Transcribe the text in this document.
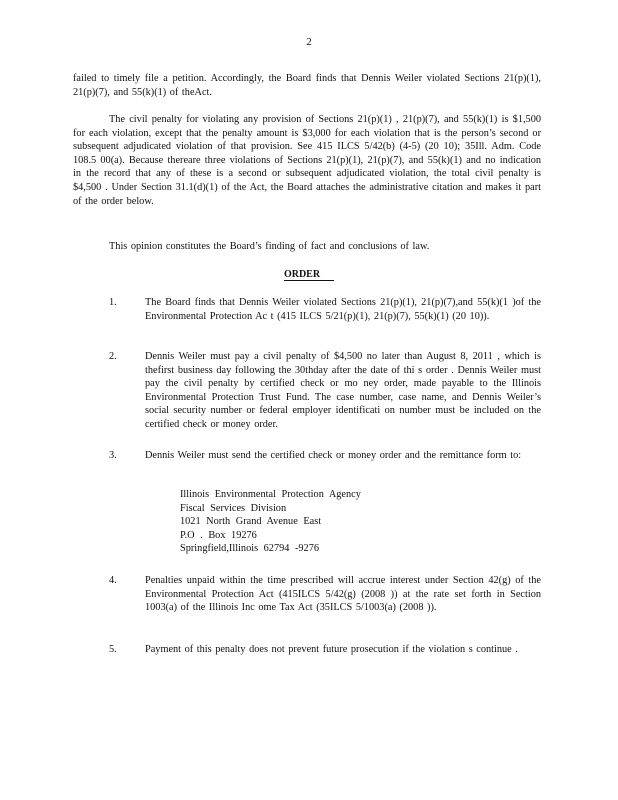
2

failed to timely file a petition. Accordingly, the Board finds that Dennis Weiler violated Sections 21(p)(1), 21(p)(7), and 55(k)(1) of theAct.

The civil penalty for violating any provision of Sections 21(p)(1) , 21(p)(7), and 55(k)(1) is $1,500 for each violation, except that the penalty amount is $3,000 for each violation that is the person’s second or subsequent adjudicated violation of that provision. See 415 ILCS 5/42(b) (4-5) (20 10); 35Ill. Adm. Code 108.5 00(a). Because thereare three violations of Sections 21(p)(1), 21(p)(7), and 55(k)(1) and no indication in the record that any of these is a second or subsequent adjudicated violation, the total civil penalty is $4,500 . Under Section 31.1(d)(1) of the Act, the Board attaches the administrative citation and makes it part of the order below.

This opinion constitutes the Board’s finding of fact and conclusions of law.

ORDER
1.	The Board finds that Dennis Weiler violated Sections 21(p)(1), 21(p)(7),and 55(k)(1 )of the Environmental Protection Ac t (415 ILCS 5/21(p)(1), 21(p)(7), 55(k)(1) (20 10)).

2.	Dennis Weiler must pay a civil penalty of $4,500 no later than August 8, 2011 , which is thefirst business day following the 30thday after the date of thi s order . Dennis Weiler must pay the civil penalty by certified check or mo ney order, made payable to the Illinois Environmental Protection Trust Fund. The case number, case name, and Dennis Weiler’s social security number or federal employer identificati on number must be included on the certified check or money order.

3.	Dennis Weiler must send the certified check or money order and the remittance form to:

Illinois Environmental Protection Agency
Fiscal Services Division
1021 North Grand Avenue East
P.O . Box 19276
Springfield,Illinois 62794 -9276
4.	Penalties unpaid within the time prescribed will accrue interest under Section 42(g) of the Environmental Protection Act (415ILCS 5/42(g) (2008 )) at the rate set forth in Section 1003(a) of the Illinois Inc ome Tax Act (35ILCS 5/1003(a) (2008 )).

5.	Payment of this penalty does not prevent future prosecution if the violation s continue .
